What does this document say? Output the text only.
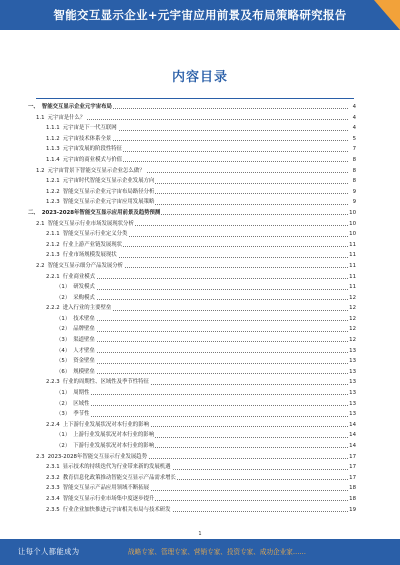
智能交互显示企业+元宇宙应用前景及布局策略研究报告
内容目录
一、 智能交互显示企业元宇宙布局	4
1.1 元宇宙是什么？	4
1.1.1 元宇宙是下一代互联网	4
1.1.2 元宇宙技术体系全景	5
1.1.3 元宇宙发展的阶段性特征	7
1.1.4 元宇宙的商业模式与价值	8
1.2 元宇宙背景下智能交互显示企业怎么做？	8
1.2.1 元宇宙时代智能交互显示企业发展方向	8
1.2.2 智能交互显示企业元宇宙布局路径分析	9
1.2.3 智能交互显示企业元宇宙应用发展策略	9
二、 2023-2028年智能交互显示应用前景及趋势预测	10
2.1 智能交互显示行业市场发展现状分析	10
2.1.1 智能交互显示行业定义分类	10
2.1.2 行业上游产业链发展现状	11
2.1.3 行业市场规模发展现状	11
2.2 智能交互显示细分产品发展分析	11
2.2.1 行业商业模式	11
（1） 研发模式	11
（2） 采购模式	12
2.2.2 进入行业的主要壁垒	12
（1） 技术壁垒	12
（2） 品牌壁垒	12
（3） 渠道壁垒	12
（4） 人才壁垒	13
（5） 资金壁垒	13
（6） 规模壁垒	13
2.2.3 行业的周期性、区域性及季节性特征	13
（1） 周期性	13
（2） 区域性	13
（3） 季节性	13
2.2.4 上下游行业发展状况对本行业的影响	14
（1） 上游行业发展状况对本行业的影响	14
（2） 下游行业发展状况对本行业的影响	14
2.3 2023-2028年智能交互显示行业发展趋势	17
2.3.1 显示技术的持续迭代为行业带来新的发展机遇	17
2.3.2 教育信息化政策推动智能交互显示产品需求增长	17
2.3.3 智能交互显示产品应用领域不断拓展	18
2.3.4 智能交互显示行业市场集中度逐步提升	18
2.3.5 行业企业加快推进元宇宙相关布局与技术研发	19
1
让每个人都能成为	战略专家、管理专家、营销专家、投资专家、成功企业家……
